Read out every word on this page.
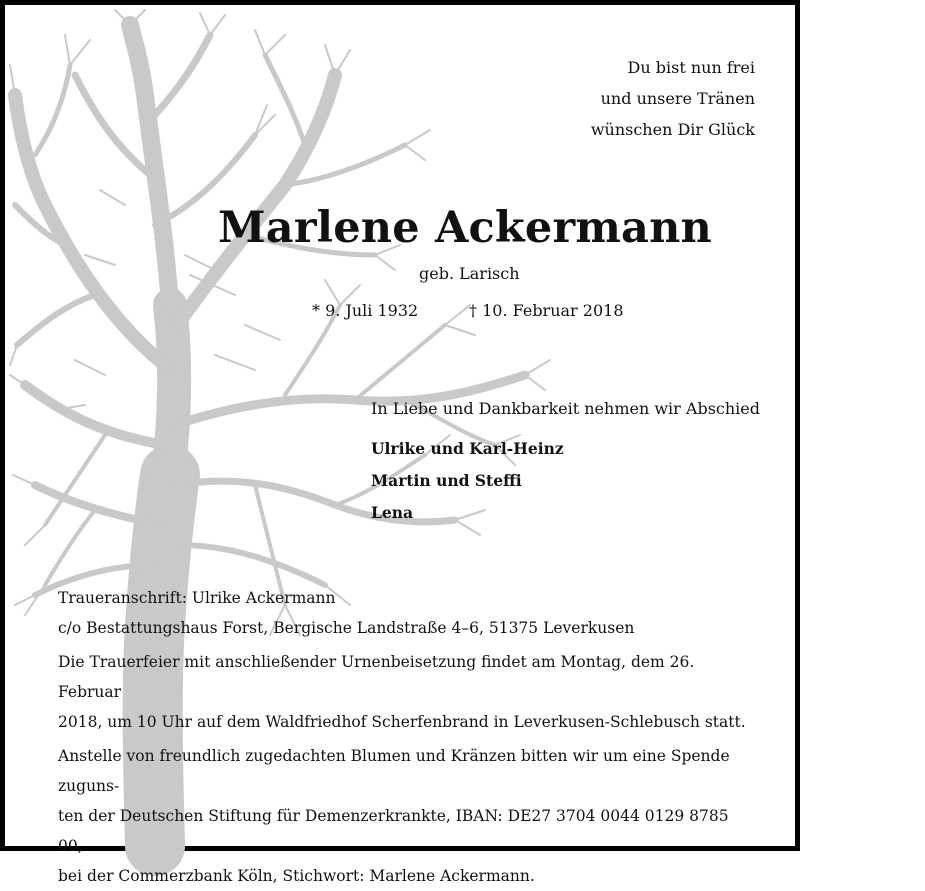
Du bist nun frei
und unsere Tränen
wünschen Dir Glück
Marlene Ackermann
geb. Larisch
* 9. Juli 1932	† 10. Februar 2018
In Liebe und Dankbarkeit nehmen wir Abschied
Ulrike und Karl-Heinz
Martin und Steffi
Lena

Traueranschrift: Ulrike Ackermann

c/o Bestattungshaus Forst, Bergische Landstraße 4–6, 51375 Leverkusen

Die Trauerfeier mit anschließender Urnenbeisetzung findet am Montag, dem 26. Februar

2018, um 10 Uhr auf dem Waldfriedhof Scherfenbrand in Leverkusen-Schlebusch statt.

Anstelle von freundlich zugedachten Blumen und Kränzen bitten wir um eine Spende zuguns-

ten der Deutschen Stiftung für Demenzerkrankte, IBAN: DE27 3704 0044 0129 8785 00,

bei der Commerzbank Köln, Stichwort: Marlene Ackermann.
